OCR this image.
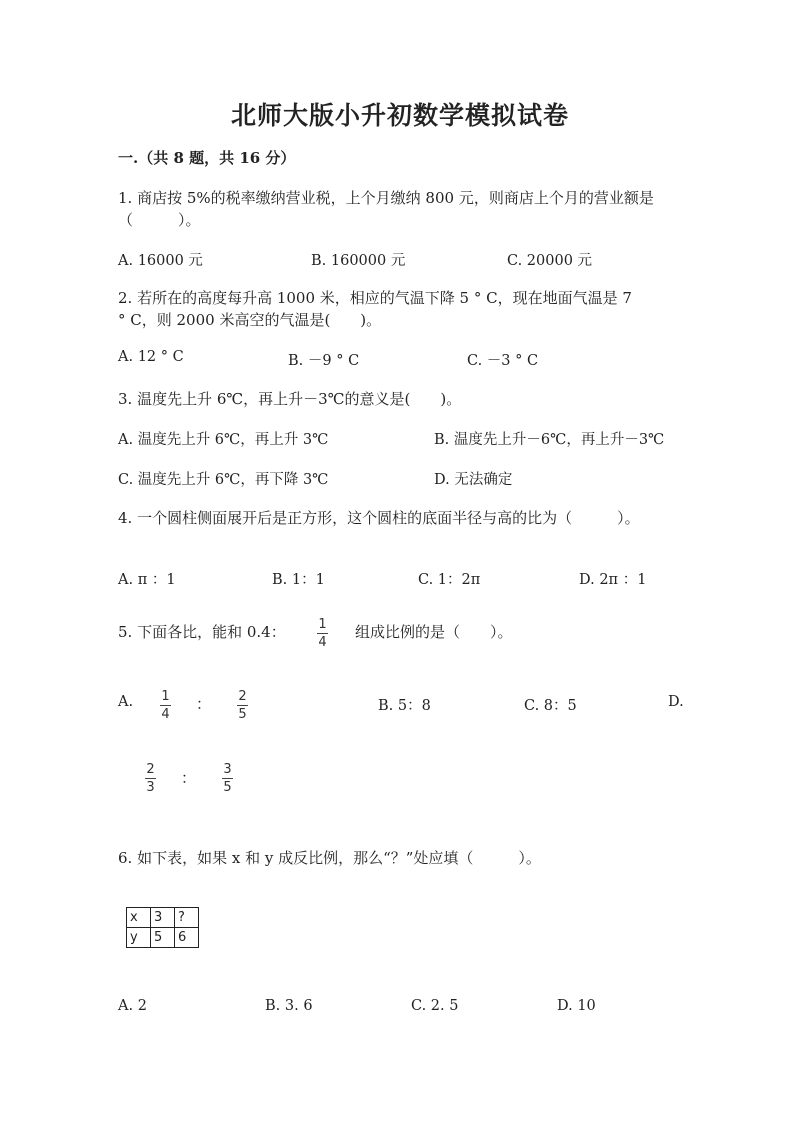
北师大版小升初数学模拟试卷
一.（共 8 题，共 16 分）
1. 商店按 5%的税率缴纳营业税，上个月缴纳 800 元，则商店上个月的营业额是
（　　　）。
A. 16000 元	B. 160000 元	C. 20000 元
2. 若所在的高度每升高 1000 米，相应的气温下降 5 ° C，现在地面气温是 7
° C，则 2000 米高空的气温是(　　)。
A. 12 ° C	B. －9 ° C	C. －3 ° C
3. 温度先上升 6℃，再上升－3℃的意义是(　　)。
A. 温度先上升 6℃，再上升 3℃	B. 温度先上升－6℃，再上升－3℃
C. 温度先上升 6℃，再下降 3℃	D. 无法确定
4. 一个圆柱侧面展开后是正方形，这个圆柱的底面半径与高的比为（　　　）。
A. π ：1	B. 1：1	C. 1：2π	D. 2π ：1
5. 下面各比，能和 0.4：	1
4
组成比例的是（　　）。
A. 1
4
： 2
5
B. 5：8	C. 8：5	D.
2
3
： 3
5
6. 如下表，如果 x 和 y 成反比例，那么“？”处应填（　　　）。
x	3	?
y	5	6
A. 2	B. 3. 6	C. 2. 5	D. 10
